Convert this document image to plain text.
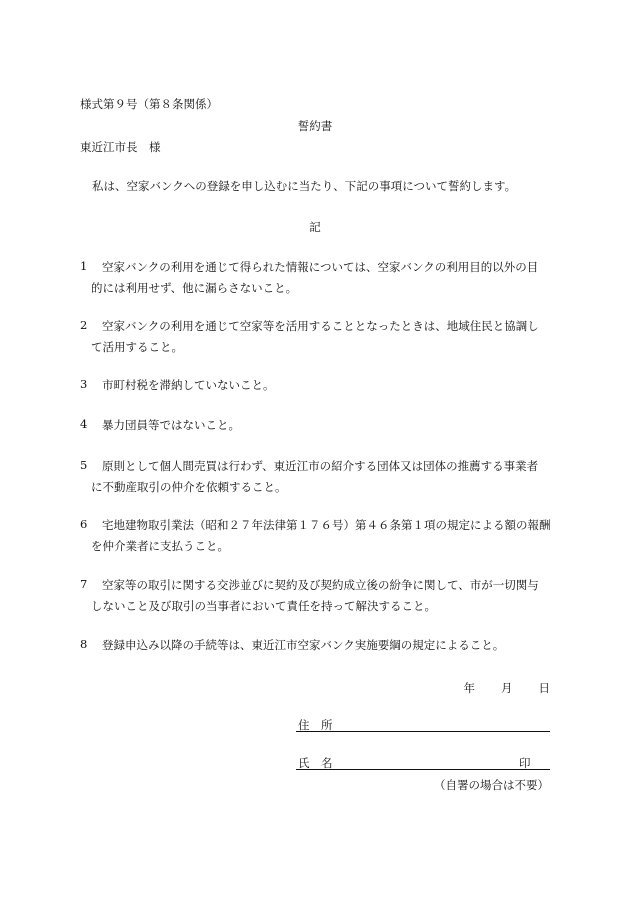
様式第９号（第８条関係）
誓約書
東近江市長　様
私は、空家バンクへの登録を申し込むに当たり、下記の事項について誓約します。
記
1	空家バンクの利用を通じて得られた情報については、空家バンクの利用目的以外の目
的には利用せず、他に漏らさないこと。
2	空家バンクの利用を通じて空家等を活用することとなったときは、地域住民と協調し
て活用すること。
3	市町村税を滞納していないこと。
4	暴力団員等ではないこと。
5	原則として個人間売買は行わず、東近江市の紹介する団体又は団体の推薦する事業者
に不動産取引の仲介を依頼すること。
6	宅地建物取引業法（昭和２７年法律第１７６号）第４６条第１項の規定による額の報酬
を仲介業者に支払うこと。
7	空家等の取引に関する交渉並びに契約及び契約成立後の紛争に関して、市が一切関与
しないこと及び取引の当事者において責任を持って解決すること。
8	登録申込み以降の手続等は、東近江市空家バンク実施要綱の規定によること。
年 月 日
住　所
氏　名	印
（自署の場合は不要）
